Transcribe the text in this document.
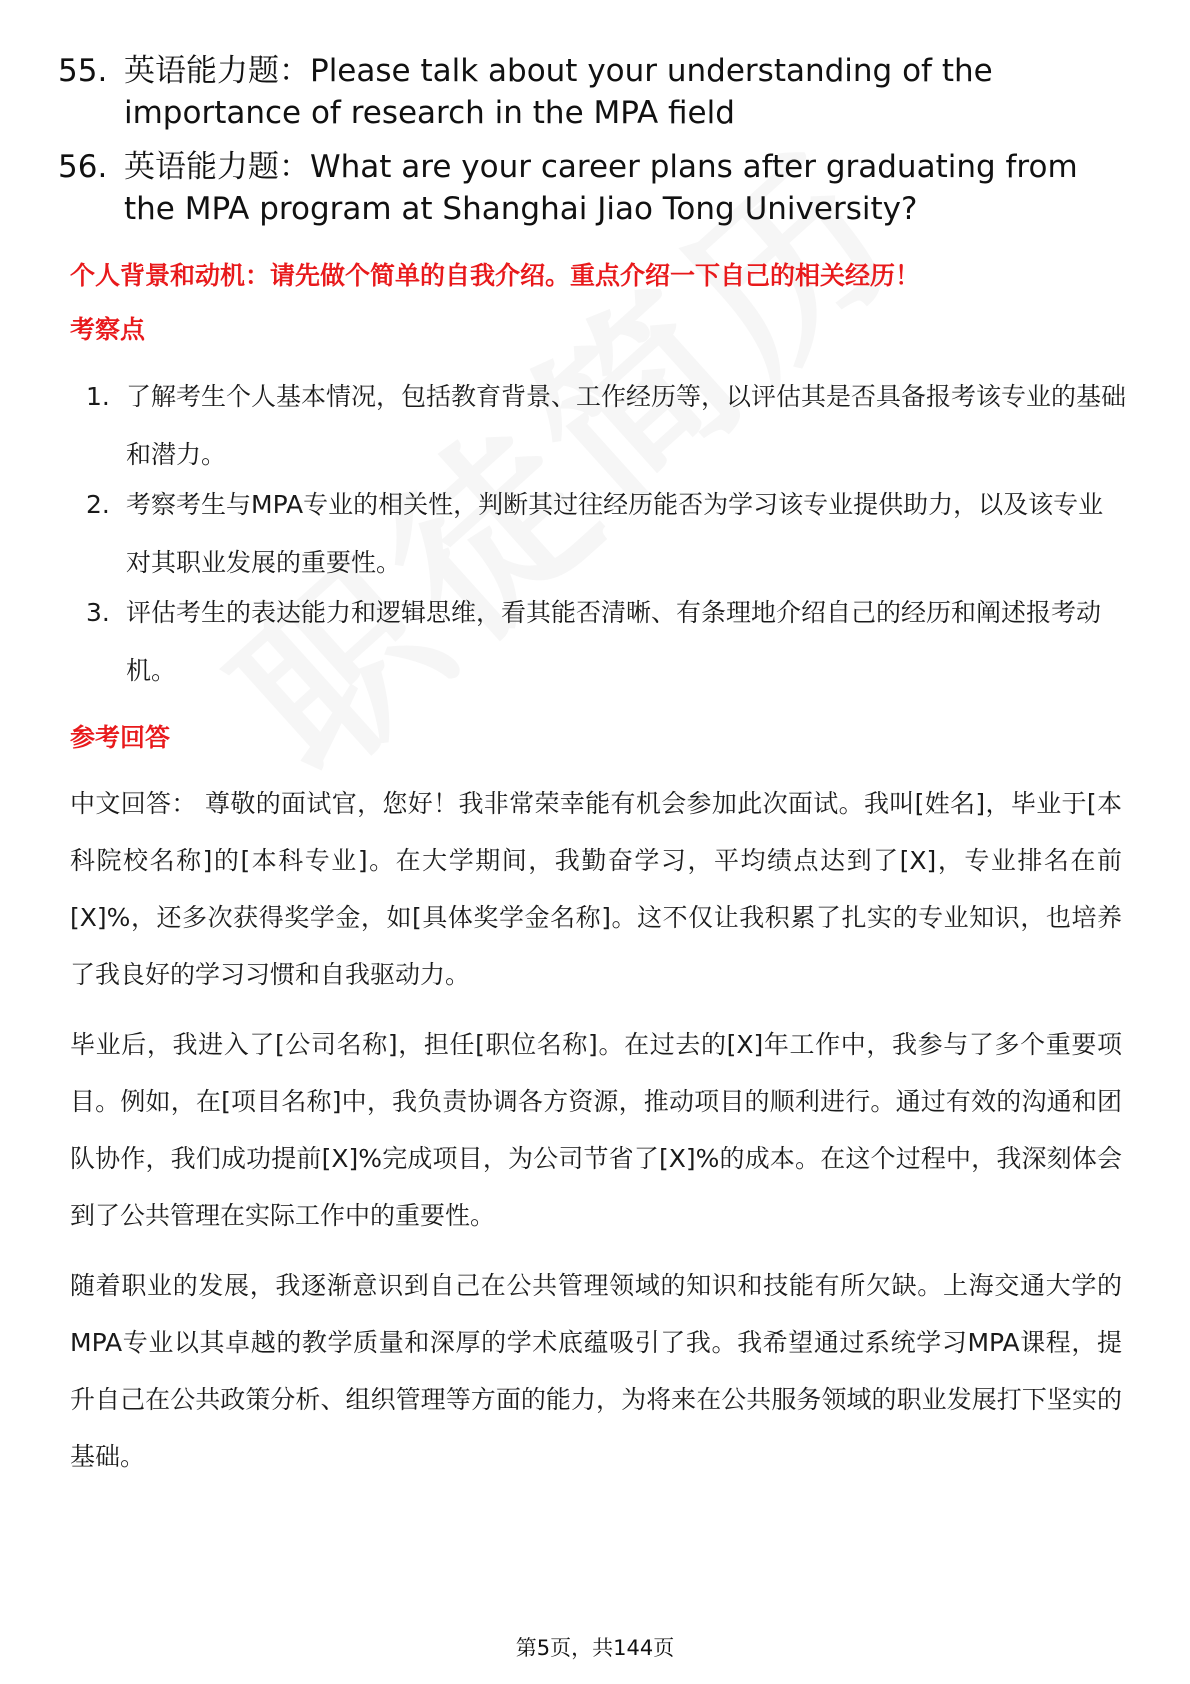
55. 英语能力题：Please talk about your understanding of the importance of research in the MPA field
56. 英语能力题：What are your career plans after graduating from the MPA program at Shanghai Jiao Tong University?
个人背景和动机：请先做个简单的自我介绍。重点介绍一下自己的相关经历！
考察点
1. 了解考生个人基本情况，包括教育背景、工作经历等，以评估其是否具备报考该专业的基础和潜力。
2. 考察考生与MPA专业的相关性，判断其过往经历能否为学习该专业提供助力，以及该专业对其职业发展的重要性。
3. 评估考生的表达能力和逻辑思维，看其能否清晰、有条理地介绍自己的经历和阐述报考动机。
参考回答
中文回答： 尊敬的面试官，您好！我非常荣幸能有机会参加此次面试。我叫[姓名]，毕业于[本科院校名称]的[本科专业]。在大学期间，我勤奋学习，平均绩点达到了[X]，专业排名在前[X]%，还多次获得奖学金，如[具体奖学金名称]。这不仅让我积累了扎实的专业知识，也培养了我良好的学习习惯和自我驱动力。
毕业后，我进入了[公司名称]，担任[职位名称]。在过去的[X]年工作中，我参与了多个重要项目。例如，在[项目名称]中，我负责协调各方资源，推动项目的顺利进行。通过有效的沟通和团队协作，我们成功提前[X]%完成项目，为公司节省了[X]%的成本。在这个过程中，我深刻体会到了公共管理在实际工作中的重要性。
随着职业的发展，我逐渐意识到自己在公共管理领域的知识和技能有所欠缺。上海交通大学的MPA专业以其卓越的教学质量和深厚的学术底蕴吸引了我。我希望通过系统学习MPA课程，提升自己在公共政策分析、组织管理等方面的能力，为将来在公共服务领域的职业发展打下坚实的基础。
第5页，共144页
